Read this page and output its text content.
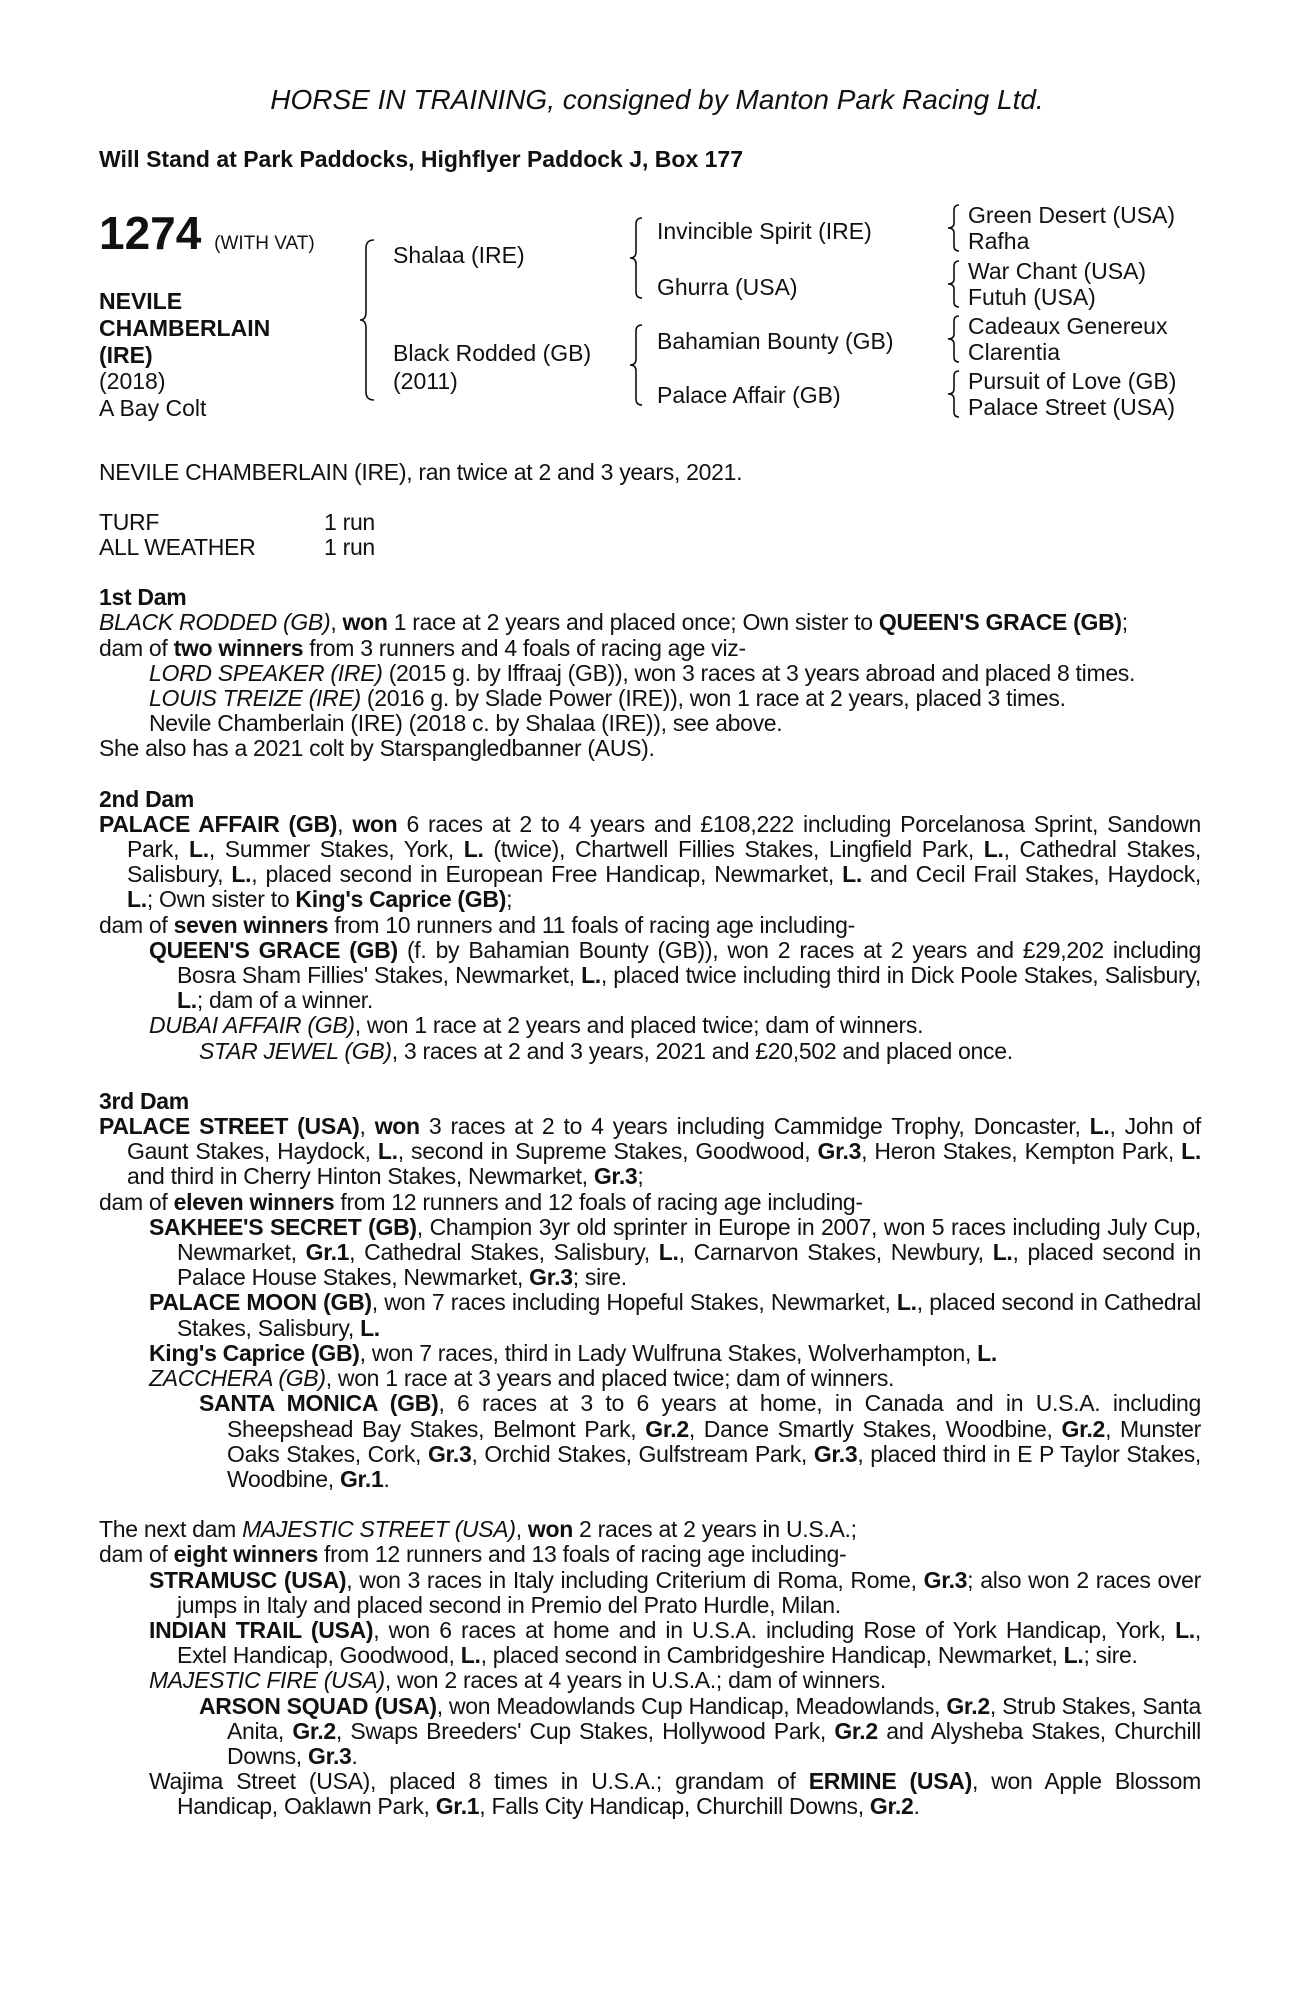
HORSE IN TRAINING, consigned by Manton Park Racing Ltd.
Will Stand at Park Paddocks, Highflyer Paddock J, Box 177
1274 (WITH VAT)
NEVILE
CHAMBERLAIN
(IRE)
(2018)
A Bay Colt
Shalaa (IRE)
Black Rodded (GB)
(2011)
Invincible Spirit (IRE)
Ghurra (USA)
Bahamian Bounty (GB)
Palace Affair (GB)
Green Desert (USA)
Rafha
War Chant (USA)
Futuh (USA)
Cadeaux Genereux
Clarentia
Pursuit of Love (GB)
Palace Street (USA)
NEVILE CHAMBERLAIN (IRE), ran twice at 2 and 3 years, 2021.
TURF	1 run
ALL WEATHER	1 run
1st Dam
BLACK RODDED (GB), won 1 race at 2 years and placed once; Own sister to QUEEN'S GRACE (GB);
dam of two winners from 3 runners and 4 foals of racing age viz-
LORD SPEAKER (IRE) (2015 g. by Iffraaj (GB)), won 3 races at 3 years abroad and placed 8 times.
LOUIS TREIZE (IRE) (2016 g. by Slade Power (IRE)), won 1 race at 2 years, placed 3 times.
Nevile Chamberlain (IRE) (2018 c. by Shalaa (IRE)), see above.
She also has a 2021 colt by Starspangledbanner (AUS).
2nd Dam
PALACE AFFAIR (GB), won 6 races at 2 to 4 years and £108,222 including Porcelanosa Sprint, Sandown Park, L., Summer Stakes, York, L. (twice), Chartwell Fillies Stakes, Lingfield Park, L., Cathedral Stakes, Salisbury, L., placed second in European Free Handicap, Newmarket, L. and Cecil Frail Stakes, Haydock, L.; Own sister to King's Caprice (GB);
dam of seven winners from 10 runners and 11 foals of racing age including-
QUEEN'S GRACE (GB) (f. by Bahamian Bounty (GB)), won 2 races at 2 years and £29,202 including Bosra Sham Fillies' Stakes, Newmarket, L., placed twice including third in Dick Poole Stakes, Salisbury, L.; dam of a winner.
DUBAI AFFAIR (GB), won 1 race at 2 years and placed twice; dam of winners.
STAR JEWEL (GB), 3 races at 2 and 3 years, 2021 and £20,502 and placed once.
3rd Dam
PALACE STREET (USA), won 3 races at 2 to 4 years including Cammidge Trophy, Doncaster, L., John of Gaunt Stakes, Haydock, L., second in Supreme Stakes, Goodwood, Gr.3, Heron Stakes, Kempton Park, L. and third in Cherry Hinton Stakes, Newmarket, Gr.3;
dam of eleven winners from 12 runners and 12 foals of racing age including-
SAKHEE'S SECRET (GB), Champion 3yr old sprinter in Europe in 2007, won 5 races including July Cup, Newmarket, Gr.1, Cathedral Stakes, Salisbury, L., Carnarvon Stakes, Newbury, L., placed second in Palace House Stakes, Newmarket, Gr.3; sire.
PALACE MOON (GB), won 7 races including Hopeful Stakes, Newmarket, L., placed second in Cathedral Stakes, Salisbury, L.
King's Caprice (GB), won 7 races, third in Lady Wulfruna Stakes, Wolverhampton, L.
ZACCHERA (GB), won 1 race at 3 years and placed twice; dam of winners.
SANTA MONICA (GB), 6 races at 3 to 6 years at home, in Canada and in U.S.A. including Sheepshead Bay Stakes, Belmont Park, Gr.2, Dance Smartly Stakes, Woodbine, Gr.2, Munster Oaks Stakes, Cork, Gr.3, Orchid Stakes, Gulfstream Park, Gr.3, placed third in E P Taylor Stakes, Woodbine, Gr.1.
The next dam MAJESTIC STREET (USA), won 2 races at 2 years in U.S.A.;
dam of eight winners from 12 runners and 13 foals of racing age including-
STRAMUSC (USA), won 3 races in Italy including Criterium di Roma, Rome, Gr.3; also won 2 races over jumps in Italy and placed second in Premio del Prato Hurdle, Milan.
INDIAN TRAIL (USA), won 6 races at home and in U.S.A. including Rose of York Handicap, York, L., Extel Handicap, Goodwood, L., placed second in Cambridgeshire Handicap, Newmarket, L.; sire.
MAJESTIC FIRE (USA), won 2 races at 4 years in U.S.A.; dam of winners.
ARSON SQUAD (USA), won Meadowlands Cup Handicap, Meadowlands, Gr.2, Strub Stakes, Santa Anita, Gr.2, Swaps Breeders' Cup Stakes, Hollywood Park, Gr.2 and Alysheba Stakes, Churchill Downs, Gr.3.
Wajima Street (USA), placed 8 times in U.S.A.; grandam of ERMINE (USA), won Apple Blossom Handicap, Oaklawn Park, Gr.1, Falls City Handicap, Churchill Downs, Gr.2.
